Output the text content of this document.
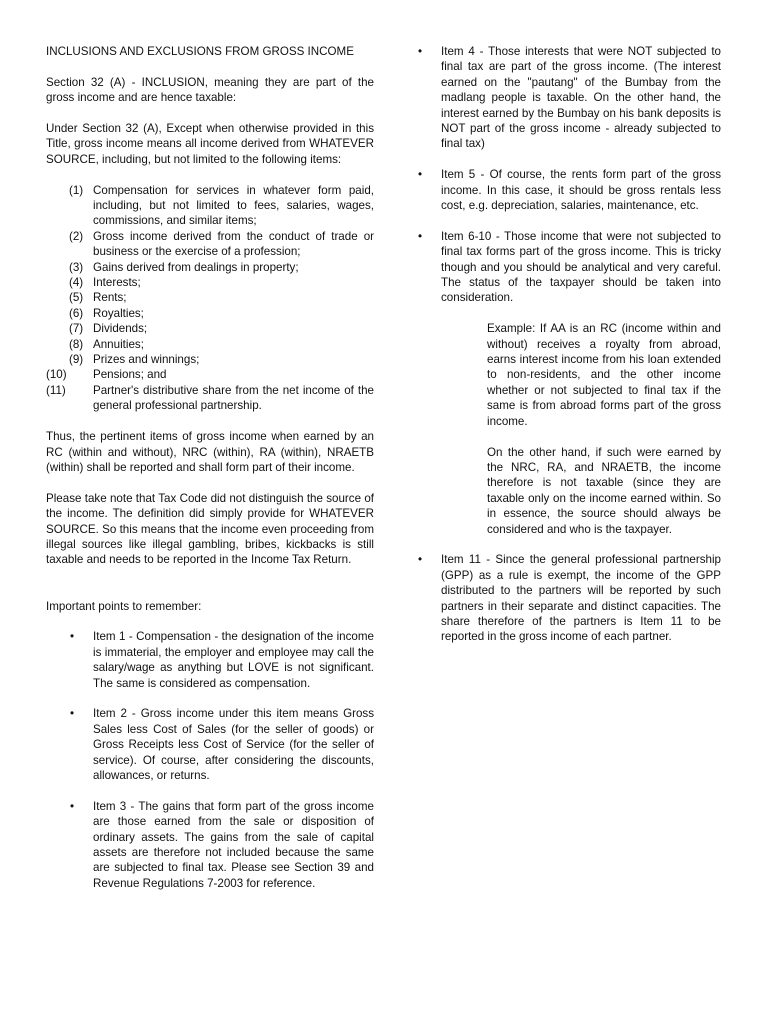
INCLUSIONS AND EXCLUSIONS FROM GROSS INCOME

Section 32 (A) - INCLUSION, meaning they are part of the gross income and are hence taxable:

Under Section 32 (A), Except when otherwise provided in this Title, gross income means all income derived from WHATEVER SOURCE, including, but not limited to the following items:

(1) Compensation for services in whatever form paid, including, but not limited to fees, salaries, wages, commissions, and similar items;
(2) Gross income derived from the conduct of trade or business or the exercise of a profession;
(3) Gains derived from dealings in property;
(4) Interests;
(5) Rents;
(6) Royalties;
(7) Dividends;
(8) Annuities;
(9) Prizes and winnings;
(10) Pensions; and
(11) Partner's distributive share from the net income of the general professional partnership.

Thus, the pertinent items of gross income when earned by an RC (within and without), NRC (within), RA (within), NRAETB (within) shall be reported and shall form part of their income.

Please take note that Tax Code did not distinguish the source of the income. The definition did simply provide for WHATEVER SOURCE. So this means that the income even proceeding from illegal sources like illegal gambling, bribes, kickbacks is still taxable and needs to be reported in the Income Tax Return.

Important points to remember:

• Item 1 - Compensation - the designation of the income is immaterial, the employer and employee may call the salary/wage as anything but LOVE is not significant. The same is considered as compensation.
• Item 2 - Gross income under this item means Gross Sales less Cost of Sales (for the seller of goods) or Gross Receipts less Cost of Service (for the seller of service). Of course, after considering the discounts, allowances, or returns.
• Item 3 - The gains that form part of the gross income are those earned from the sale or disposition of ordinary assets. The gains from the sale of capital assets are therefore not included because the same are subjected to final tax. Please see Section 39 and Revenue Regulations 7-2003 for reference.
• Item 4 - Those interests that were NOT subjected to final tax are part of the gross income. (The interest earned on the "pautang" of the Bumbay from the madlang people is taxable. On the other hand, the interest earned by the Bumbay on his bank deposits is NOT part of the gross income - already subjected to final tax)
• Item 5 - Of course, the rents form part of the gross income. In this case, it should be gross rentals less cost, e.g. depreciation, salaries, maintenance, etc.
• Item 6-10 - Those income that were not subjected to final tax forms part of the gross income. This is tricky though and you should be analytical and very careful. The status of the taxpayer should be taken into consideration.

Example: If AA is an RC (income within and without) receives a royalty from abroad, earns interest income from his loan extended to non-residents, and the other income whether or not subjected to final tax if the same is from abroad forms part of the gross income.

On the other hand, if such were earned by the NRC, RA, and NRAETB, the income therefore is not taxable (since they are taxable only on the income earned within. So in essence, the source should always be considered and who is the taxpayer.

• Item 11 - Since the general professional partnership (GPP) as a rule is exempt, the income of the GPP distributed to the partners will be reported by such partners in their separate and distinct capacities. The share therefore of the partners is Item 11 to be reported in the gross income of each partner.
